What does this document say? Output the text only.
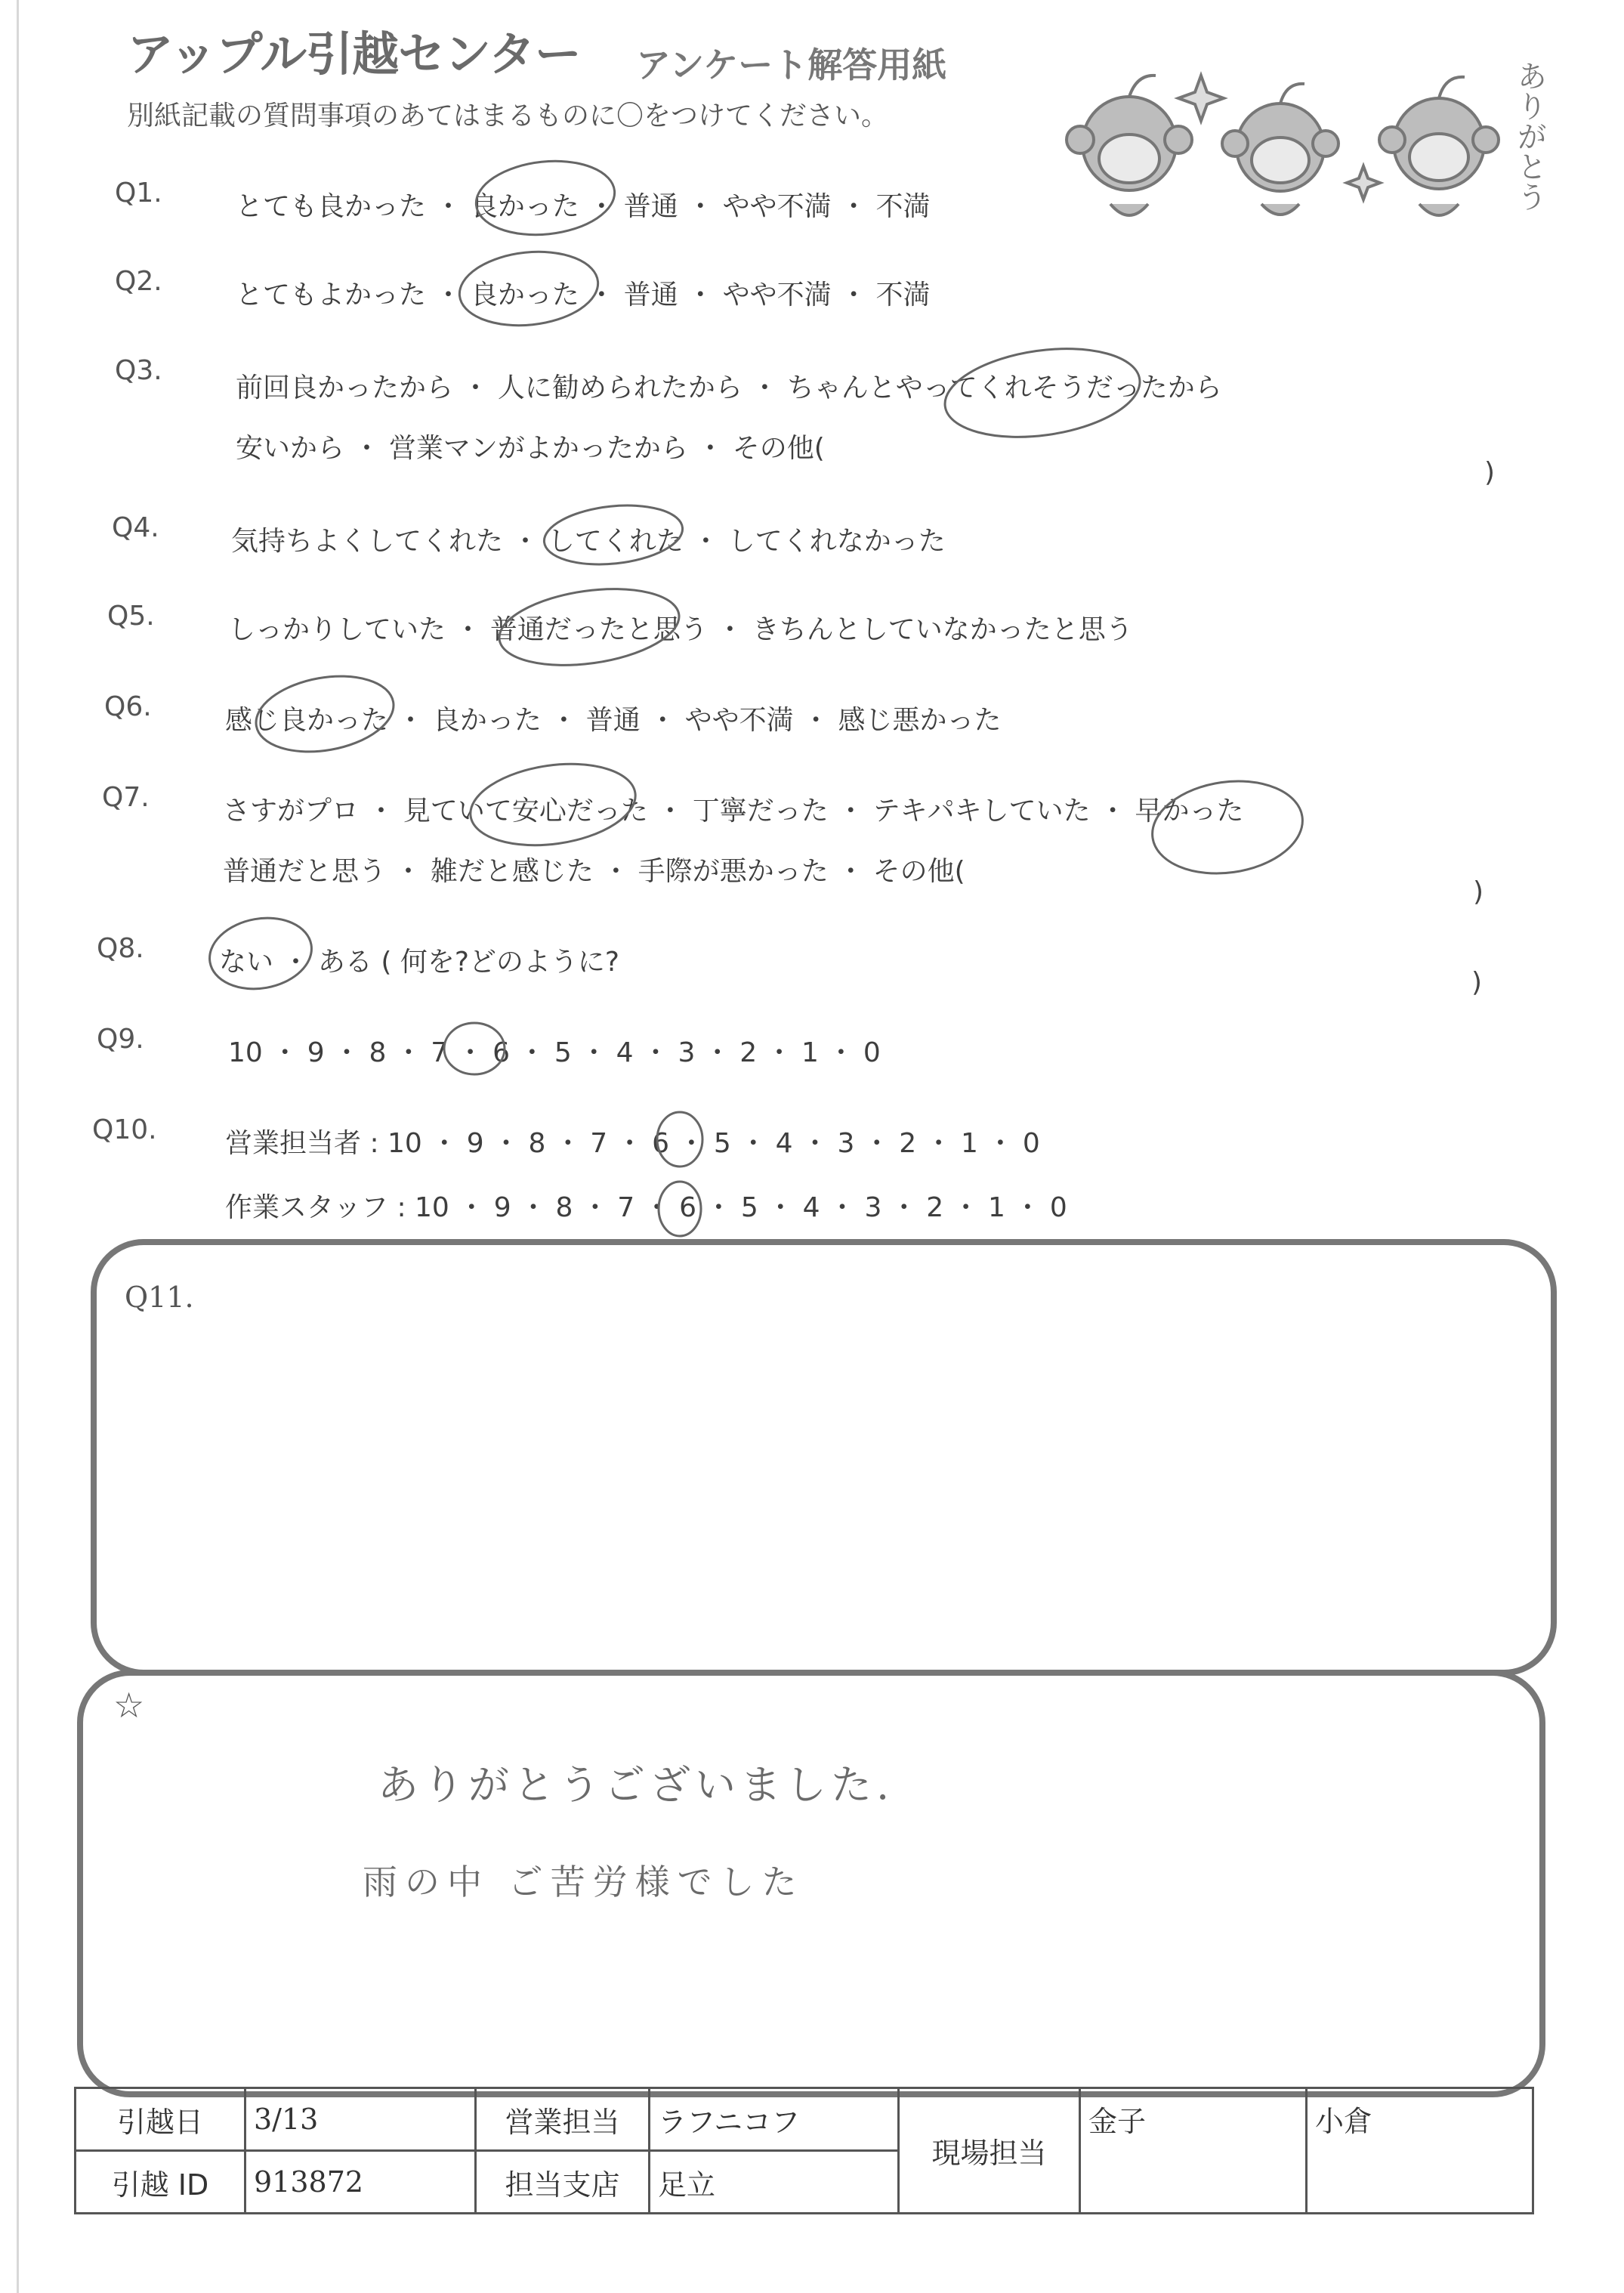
アップル引越センター アンケート解答用紙
別紙記載の質問事項のあてはまるものに〇をつけてください。	ありがとう
Q1.	とても良かった ・ 良かった ・ 普通 ・ やや不満 ・ 不満
Q2.	とてもよかった ・ 良かった ・ 普通 ・ やや不満 ・ 不満
Q3.
前回良かったから ・ 人に勧められたから ・ ちゃんとやってくれそうだったから
安いから ・ 営業マンがよかったから ・ その他(
)
Q4.	気持ちよくしてくれた ・ してくれた ・ してくれなかった
Q5.	しっかりしていた ・ 普通だったと思う ・ きちんとしていなかったと思う
Q6.	感じ良かった ・ 良かった ・ 普通 ・ やや不満 ・ 感じ悪かった
Q7.	さすがプロ ・ 見ていて安心だった ・ 丁寧だった ・ テキパキしていた ・ 早かった
普通だと思う ・ 雑だと感じた ・ 手際が悪かった ・ その他(
)
Q8.	ない ・ ある ( 何を?どのように?
)
Q9.	10 ・ 9 ・ 8 ・ 7 ・ 6 ・ 5 ・ 4 ・ 3 ・ 2 ・ 1 ・ 0
Q10.	営業担当者 : 10 ・ 9 ・ 8 ・ 7 ・ 6 ・ 5 ・ 4 ・ 3 ・ 2 ・ 1 ・ 0
作業スタッフ : 10 ・ 9 ・ 8 ・ 7 ・ 6 ・ 5 ・ 4 ・ 3 ・ 2 ・ 1 ・ 0
Q11.
☆
ありがとうございました.
雨の中 ご苦労様でした
引越日	3/13	営業担当	ラフニコフ	現場担当	金子	小倉
引越 ID	913872	担当支店	足立			
